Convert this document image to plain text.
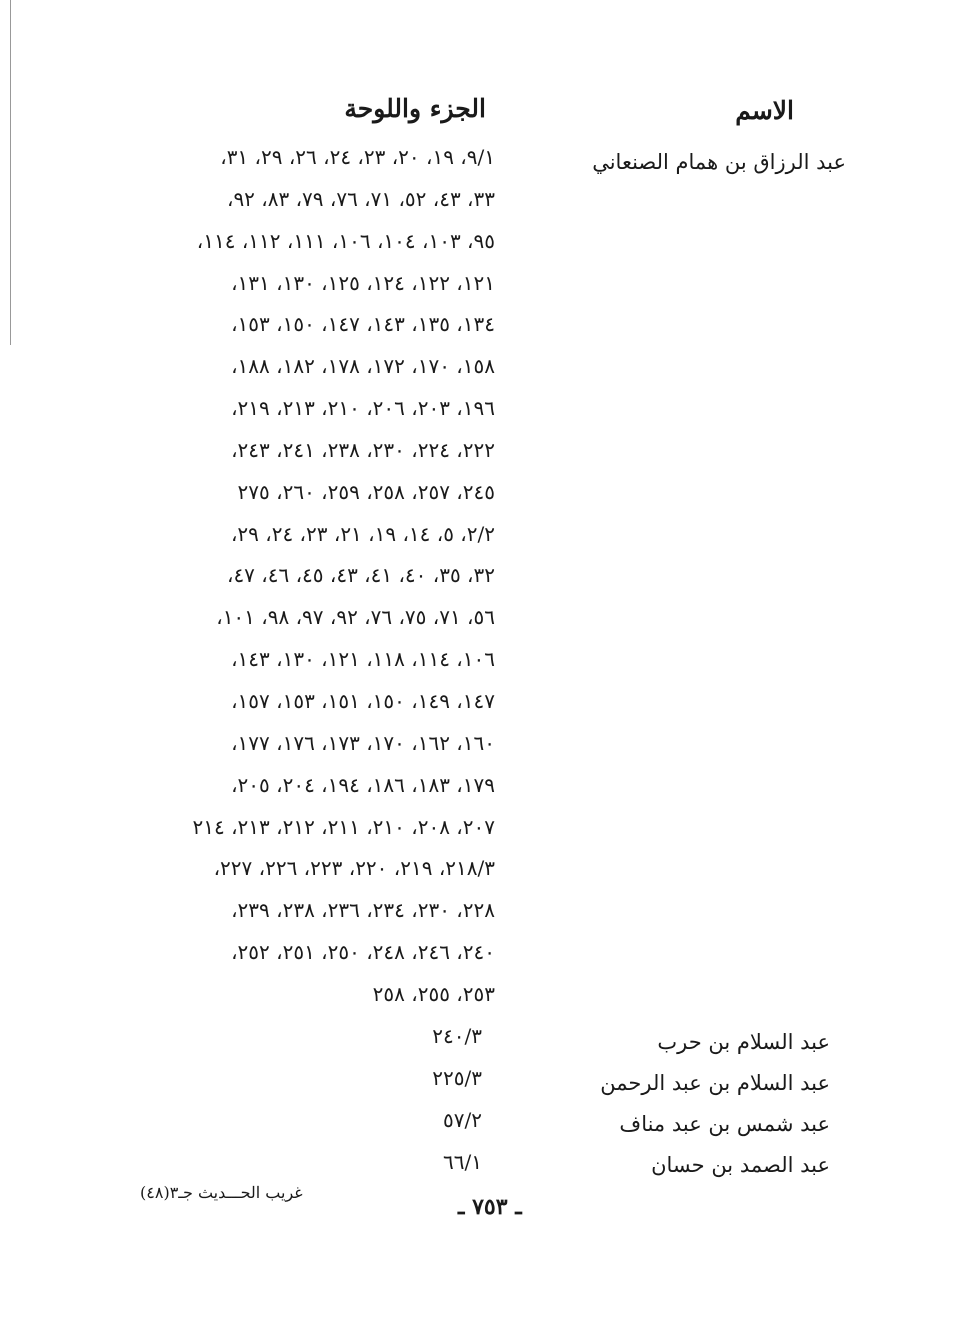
الاسم
الجزء واللوحة
عبد الرزاق بن همام الصنعاني
٩/١، ١٩، ٢٠، ٢٣، ٢٤، ٢٦، ٢٩، ٣١،
٣٣، ٤٣، ٥٢، ٧١، ٧٦، ٧٩، ٨٣، ٩٢،
٩٥، ١٠٣، ١٠٤، ١٠٦، ١١١، ١١٢، ١١٤،
١٢١، ١٢٢، ١٢٤، ١٢٥، ١٣٠، ١٣١،
١٣٤، ١٣٥، ١٤٣، ١٤٧، ١٥٠، ١٥٣،
١٥٨، ١٧٠، ١٧٢، ١٧٨، ١٨٢، ١٨٨،
١٩٦، ٢٠٣، ٢٠٦، ٢١٠، ٢١٣، ٢١٩،
٢٢٢، ٢٢٤، ٢٣٠، ٢٣٨، ٢٤١، ٢٤٣،
٢٤٥، ٢٥٧، ٢٥٨، ٢٥٩، ٢٦٠، ٢٧٥
٢/٢، ٥، ١٤، ١٩، ٢١، ٢٣، ٢٤، ٢٩،
٣٢، ٣٥، ٤٠، ٤١، ٤٣، ٤٥، ٤٦، ٤٧،
٥٦، ٧١، ٧٥، ٧٦، ٩٢، ٩٧، ٩٨، ١٠١،
١٠٦، ١١٤، ١١٨، ١٢١، ١٣٠، ١٤٣،
١٤٧، ١٤٩، ١٥٠، ١٥١، ١٥٣، ١٥٧،
١٦٠، ١٦٢، ١٧٠، ١٧٣، ١٧٦، ١٧٧،
١٧٩، ١٨٣، ١٨٦، ١٩٤، ٢٠٤، ٢٠٥،
٢٠٧، ٢٠٨، ٢١٠، ٢١١، ٢١٢، ٢١٣، ٢١٤
٢١٨/٣، ٢١٩، ٢٢٠، ٢٢٣، ٢٢٦، ٢٢٧،
٢٢٨، ٢٣٠، ٢٣٤، ٢٣٦، ٢٣٨، ٢٣٩،
٢٤٠، ٢٤٦، ٢٤٨، ٢٥٠، ٢٥١، ٢٥٢،
٢٥٣، ٢٥٥، ٢٥٨
عبد السلام بن حرب
٢٤٠/٣
عبد السلام بن عبد الرحمن
٢٢٥/٣
عبد شمس بن عبد مناف
٥٧/٢
عبد الصمد بن حسان
٦٦/١
غريب الحـــديث جـ٣(٤٨)
ـ ٧٥٣ ـ
